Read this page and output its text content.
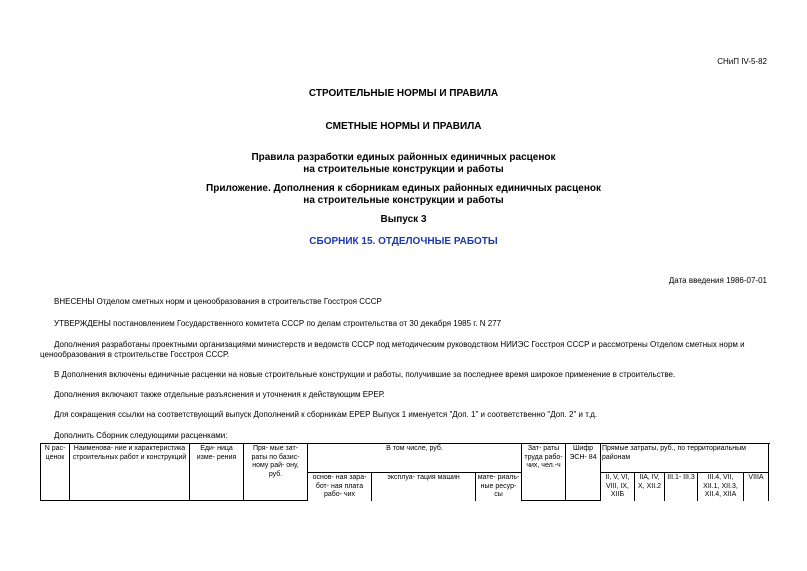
СНиП IV-5-82
СТРОИТЕЛЬНЫЕ НОРМЫ И ПРАВИЛА
СМЕТНЫЕ НОРМЫ И ПРАВИЛА
Правила разработки единых районных единичных расценок
на строительные конструкции и работы
Приложение. Дополнения к сборникам единых районных единичных расценок
на строительные конструкции и работы
Выпуск 3
СБОРНИК 15. ОТДЕЛОЧНЫЕ РАБОТЫ
Дата введения 1986-07-01
ВНЕСЕНЫ Отделом сметных норм и ценообразования в строительстве Госстроя СССР
УТВЕРЖДЕНЫ постановлением Государственного комитета СССР по делам строительства от 30 декабря 1985 г. N 277
Дополнения разработаны проектными организациями министерств и ведомств СССР под методическим руководством НИИЭС Госстроя СССР и рассмотрены Отделом сметных норм и ценообразования в строительстве Госстроя СССР.
В Дополнения включены единичные расценки на новые строительные конструкции и работы, получившие за последнее время широкое применение в строительстве.
Дополнения включают также отдельные разъяснения и уточнения к действующим ЕРЕР.
Для сокращения ссылки на соответствующий выпуск Дополнений к сборникам ЕРЕР Выпуск 1 именуется "Доп. 1" и соответственно "Доп. 2" и т.д.
Дополнить Сборник следующими расценками:
N рас- ценок	Наименова- ние и характеристика строительных работ и конструкций	Еди- ница изме- рения	Пря- мые зат- раты по базис- ному рай- ону, руб.	В том числе, руб.			Зат- раты труда рабо- чих, чел.-ч	Шифр ЭСН- 84	Прямые затраты, руб., по территориальным районам					
				основ- ная зара- бот- ная плата рабо- чих	эксплуа- тация машин	мате- риаль- ные ресур- сы			II, V, VI, VIII, IX, XIIБ	IIА, IV, X, XII.2	III.1- III.3	III.4, VII, XII.1, XII.3, XII.4, XIIА	VIIIА	
